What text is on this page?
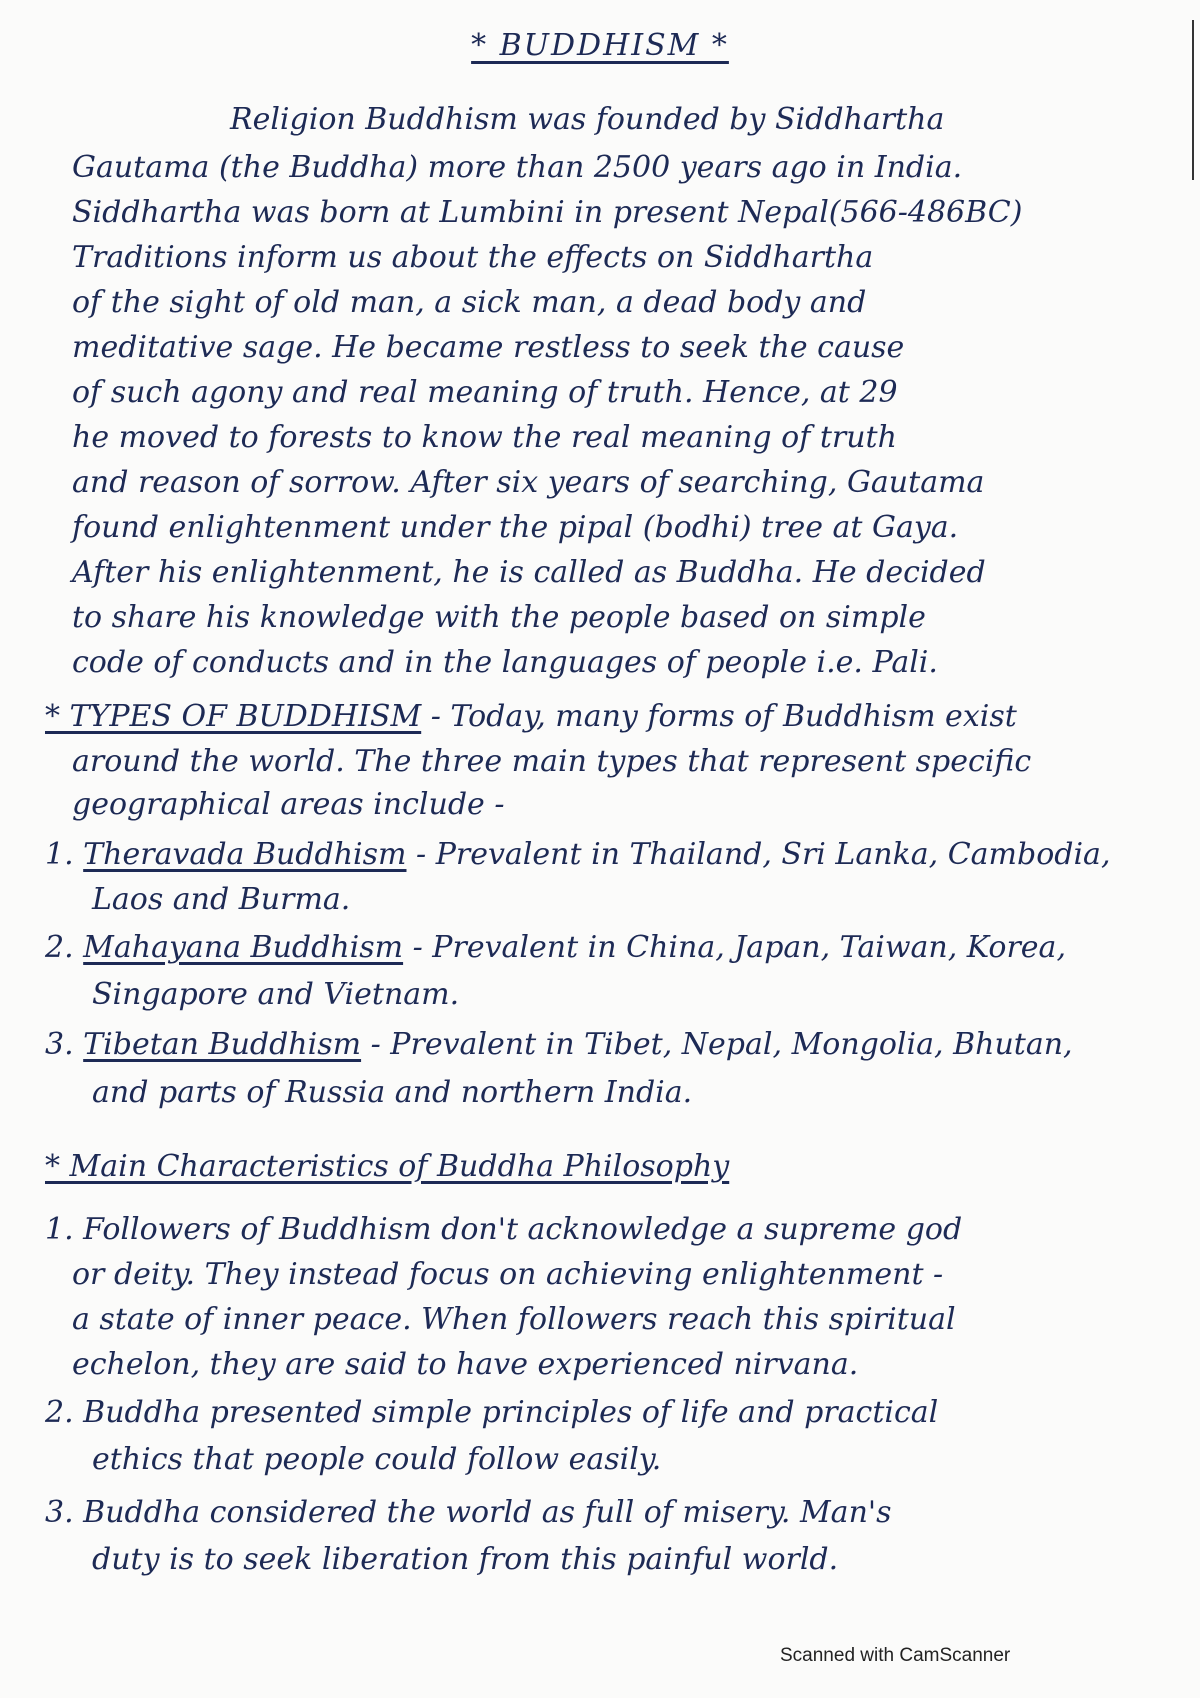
* BUDDHISM *
Religion Buddhism was founded by Siddhartha
Gautama (the Buddha) more than 2500 years ago in India.
Siddhartha was born at Lumbini in present Nepal(566-486BC)
Traditions inform us about the effects on Siddhartha
of the sight of old man, a sick man, a dead body and
meditative sage. He became restless to seek the cause
of such agony and real meaning of truth. Hence, at 29
he moved to forests to know the real meaning of truth
and reason of sorrow. After six years of searching, Gautama
found enlightenment under the pipal (bodhi) tree at Gaya.
After his enlightenment, he is called as Buddha. He decided
to share his knowledge with the people based on simple
code of conducts and in the languages of people i.e. Pali.
* TYPES OF BUDDHISM - Today, many forms of Buddhism exist
around the world. The three main types that represent specific
geographical areas include -
1. Theravada Buddhism - Prevalent in Thailand, Sri Lanka, Cambodia,
Laos and Burma.
2. Mahayana Buddhism - Prevalent in China, Japan, Taiwan, Korea,
Singapore and Vietnam.
3. Tibetan Buddhism - Prevalent in Tibet, Nepal, Mongolia, Bhutan,
and parts of Russia and northern India.
* Main Characteristics of Buddha Philosophy
1. Followers of Buddhism don't acknowledge a supreme god
or deity. They instead focus on achieving enlightenment -
a state of inner peace. When followers reach this spiritual
echelon, they are said to have experienced nirvana.
2. Buddha presented simple principles of life and practical
ethics that people could follow easily.
3. Buddha considered the world as full of misery. Man's
duty is to seek liberation from this painful world.
Scanned with CamScanner
